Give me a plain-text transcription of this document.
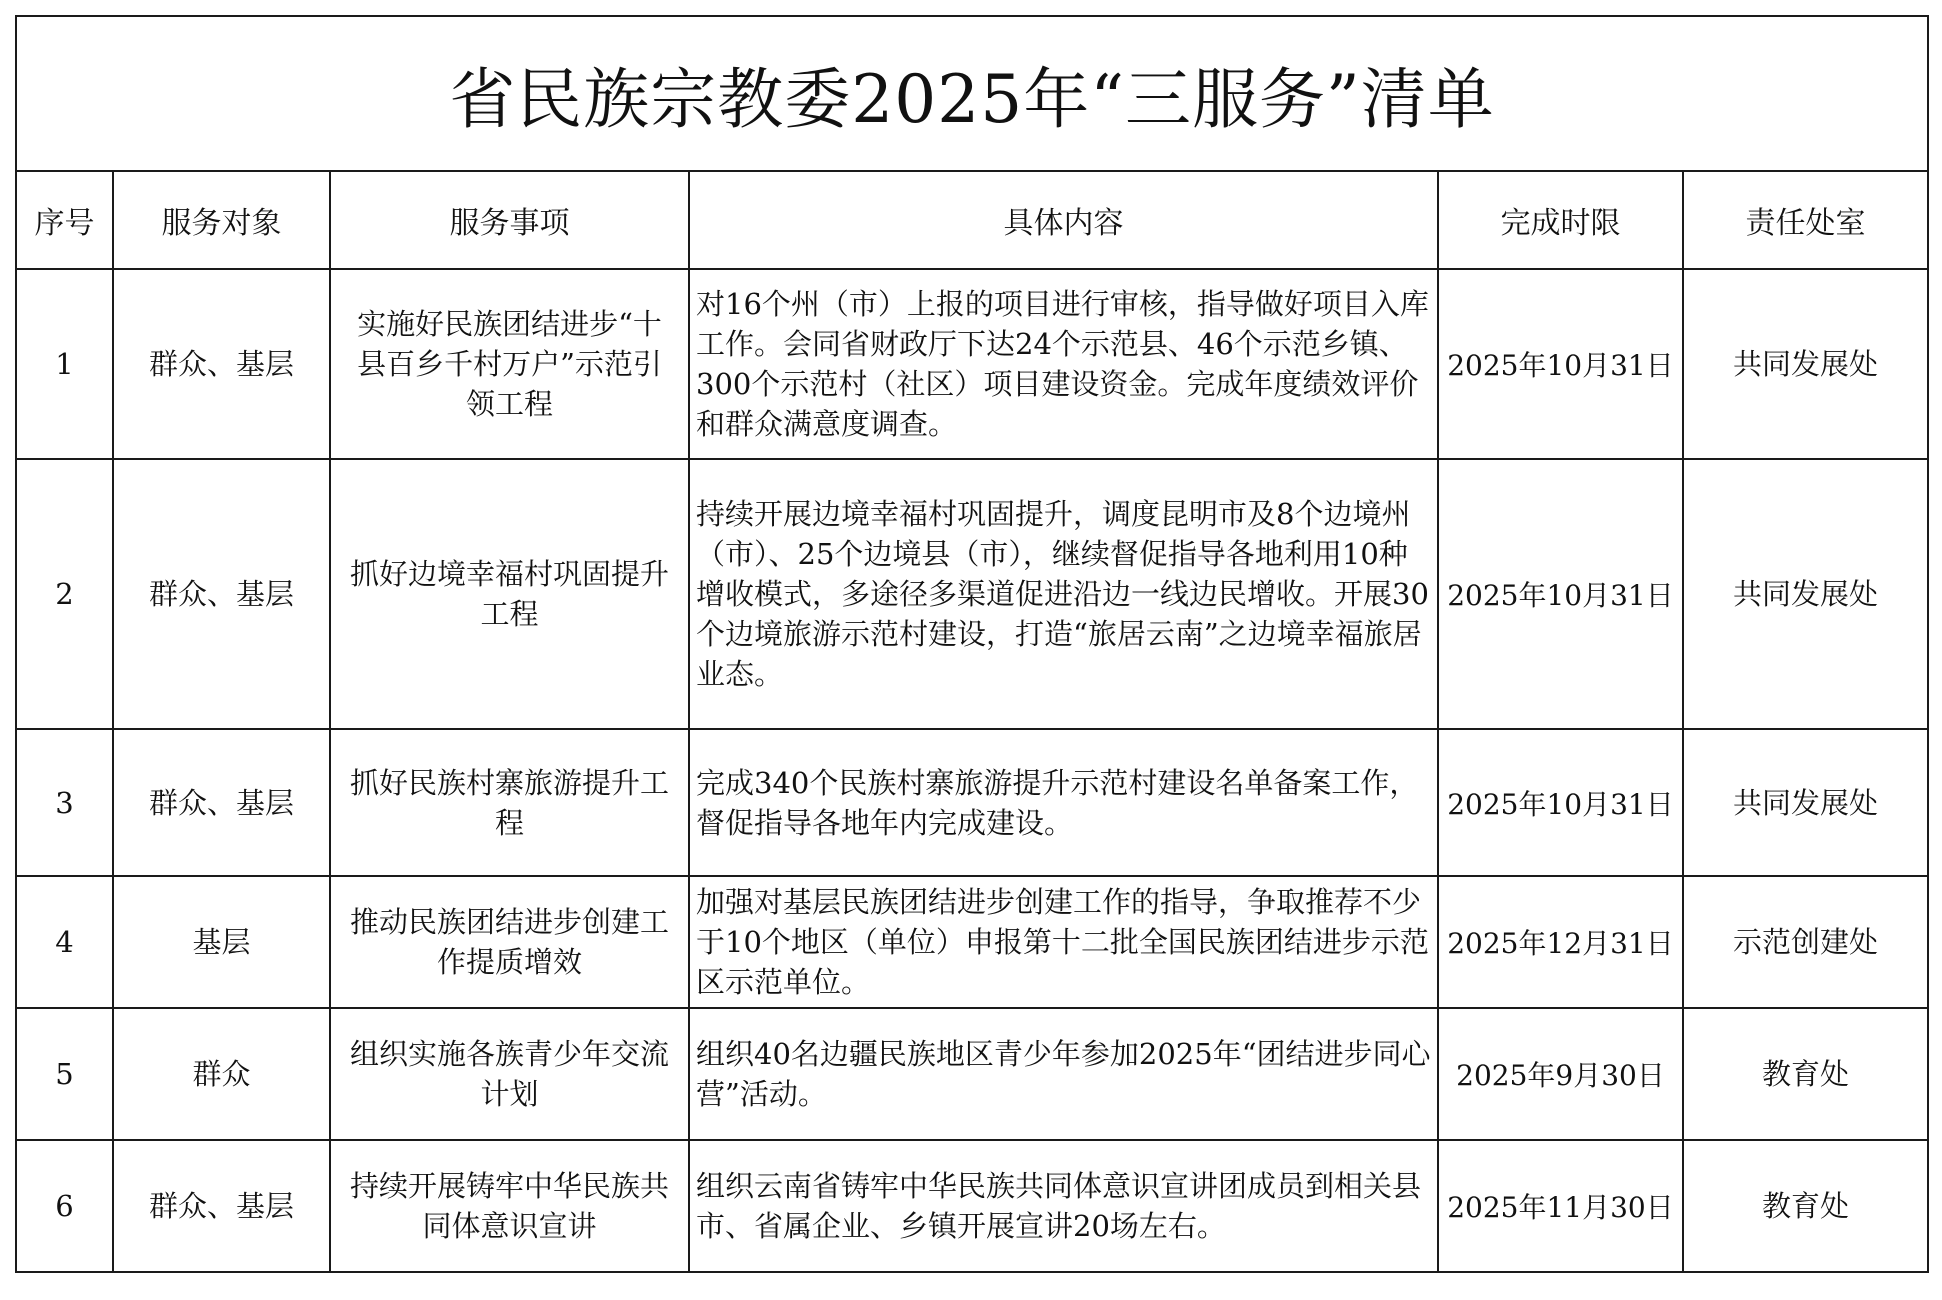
省民族宗教委2025年“三服务”清单					
序号	服务对象	服务事项	具体内容	完成时限	责任处室
1	群众、基层	实施好民族团结进步“十县百乡千村万户”示范引领工程	对16个州（市）上报的项目进行审核，指导做好项目入库工作。会同省财政厅下达24个示范县、46个示范乡镇、300个示范村（社区）项目建设资金。完成年度绩效评价和群众满意度调查。	2025年10月31日	共同发展处
2	群众、基层	抓好边境幸福村巩固提升工程	持续开展边境幸福村巩固提升，调度昆明市及8个边境州（市）、25个边境县（市），继续督促指导各地利用10种增收模式，多途径多渠道促进沿边一线边民增收。开展30个边境旅游示范村建设，打造“旅居云南”之边境幸福旅居业态。	2025年10月31日	共同发展处
3	群众、基层	抓好民族村寨旅游提升工程	完成340个民族村寨旅游提升示范村建设名单备案工作，督促指导各地年内完成建设。	2025年10月31日	共同发展处
4	基层	推动民族团结进步创建工作提质增效	加强对基层民族团结进步创建工作的指导，争取推荐不少于10个地区（单位）申报第十二批全国民族团结进步示范区示范单位。	2025年12月31日	示范创建处
5	群众	组织实施各族青少年交流计划	组织40名边疆民族地区青少年参加2025年“团结进步同心营”活动。	2025年9月30日	教育处
6	群众、基层	持续开展铸牢中华民族共同体意识宣讲	组织云南省铸牢中华民族共同体意识宣讲团成员到相关县市、省属企业、乡镇开展宣讲20场左右。	2025年11月30日	教育处
